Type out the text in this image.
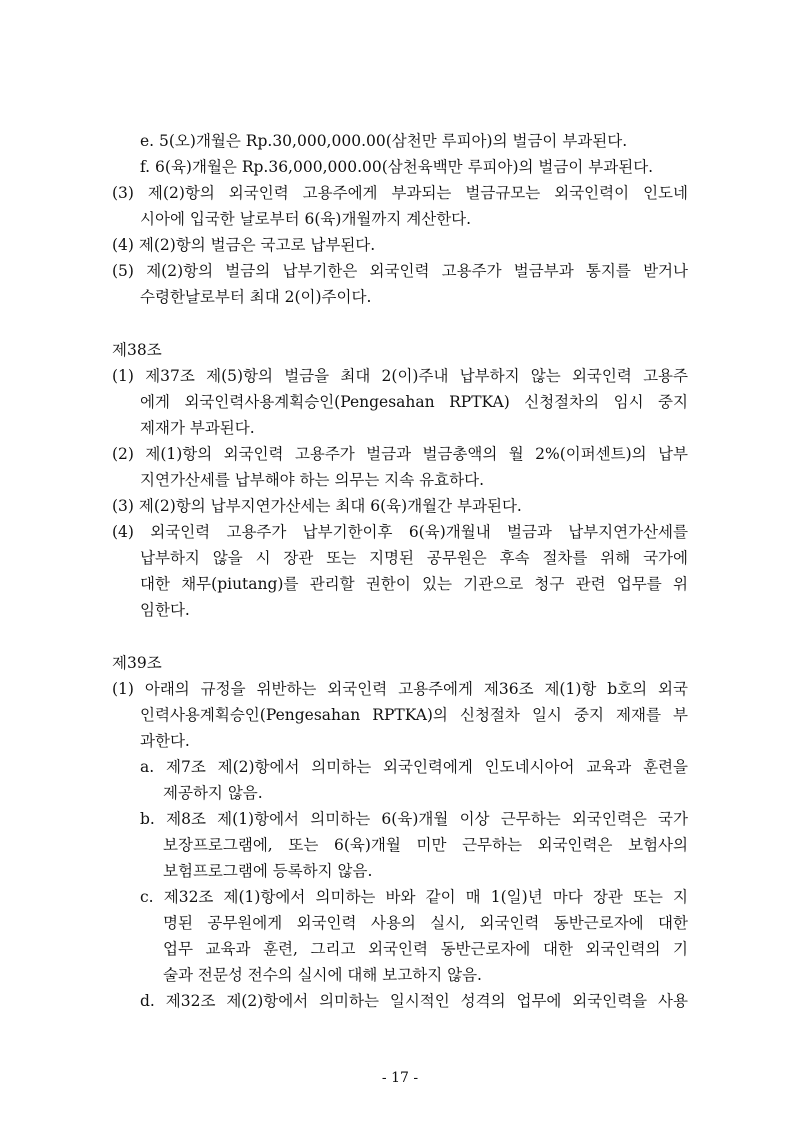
e. 5(오)개월은 Rp.30,000,000.00(삼천만 루피아)의 벌금이 부과된다.

f. 6(육)개월은 Rp.36,000,000.00(삼천육백만 루피아)의 벌금이 부과된다.

(3) 제(2)항의 외국인력 고용주에게 부과되는 벌금규모는 외국인력이 인도네

시아에 입국한 날로부터 6(육)개월까지 계산한다.

(4) 제(2)항의 벌금은 국고로 납부된다.

(5) 제(2)항의 벌금의 납부기한은 외국인력 고용주가 벌금부과 통지를 받거나

수령한날로부터 최대 2(이)주이다.

제38조

(1) 제37조 제(5)항의 벌금을 최대 2(이)주내 납부하지 않는 외국인력 고용주

에게 외국인력사용계획승인(Pengesahan RPTKA) 신청절차의 임시 중지

제재가 부과된다.

(2) 제(1)항의 외국인력 고용주가 벌금과 벌금총액의 월 2%(이퍼센트)의 납부

지연가산세를 납부해야 하는 의무는 지속 유효하다.

(3) 제(2)항의 납부지연가산세는 최대 6(육)개월간 부과된다.

(4) 외국인력 고용주가 납부기한이후 6(육)개월내 벌금과 납부지연가산세를

납부하지 않을 시 장관 또는 지명된 공무원은 후속 절차를 위해 국가에

대한 채무(piutang)를 관리할 권한이 있는 기관으로 청구 관련 업무를 위

임한다.

제39조

(1) 아래의 규정을 위반하는 외국인력 고용주에게 제36조 제(1)항 b호의 외국

인력사용계획승인(Pengesahan RPTKA)의 신청절차 일시 중지 제재를 부

과한다.

a. 제7조 제(2)항에서 의미하는 외국인력에게 인도네시아어 교육과 훈련을

제공하지 않음.

b. 제8조 제(1)항에서 의미하는 6(육)개월 이상 근무하는 외국인력은 국가

보장프로그램에, 또는 6(육)개월 미만 근무하는 외국인력은 보험사의

보험프로그램에 등록하지 않음.

c. 제32조 제(1)항에서 의미하는 바와 같이 매 1(일)년 마다 장관 또는 지

명된 공무원에게 외국인력 사용의 실시, 외국인력 동반근로자에 대한

업무 교육과 훈련, 그리고 외국인력 동반근로자에 대한 외국인력의 기

술과 전문성 전수의 실시에 대해 보고하지 않음.

d. 제32조 제(2)항에서 의미하는 일시적인 성격의 업무에 외국인력을 사용

- 17 -
